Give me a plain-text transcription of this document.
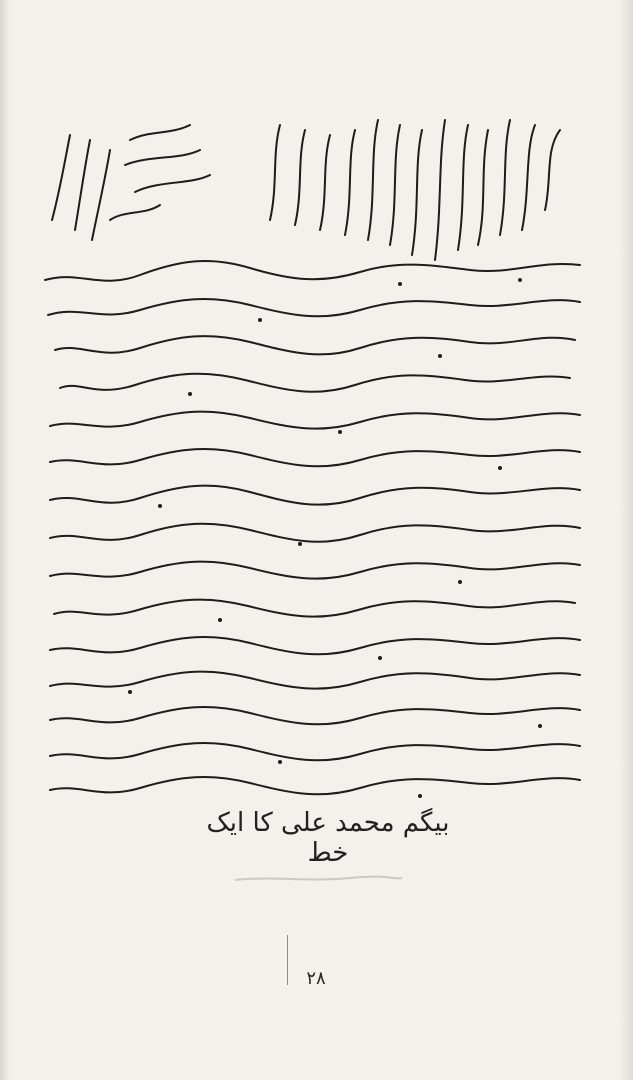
بیگم محمد علی کا ایک خط
۲۸
